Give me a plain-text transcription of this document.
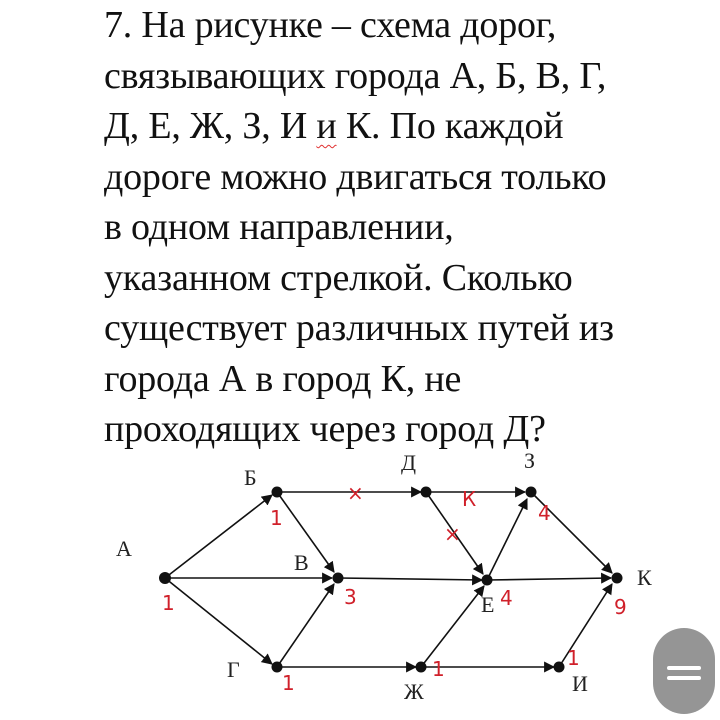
7. На рисунке – схема дорог,
связывающих города А, Б, В, Г,
Д, Е, Ж, З, И и К. По каждой
дороге можно двигаться только
в одном направлении,
указанном стрелкой. Сколько
существует различных путей из
города А в город К, не
проходящих через город Д?
А
Б
В
Г
Д
Е
Ж
З
И
К
1
1
3
1
4
1
4
1
9
×
×
К
